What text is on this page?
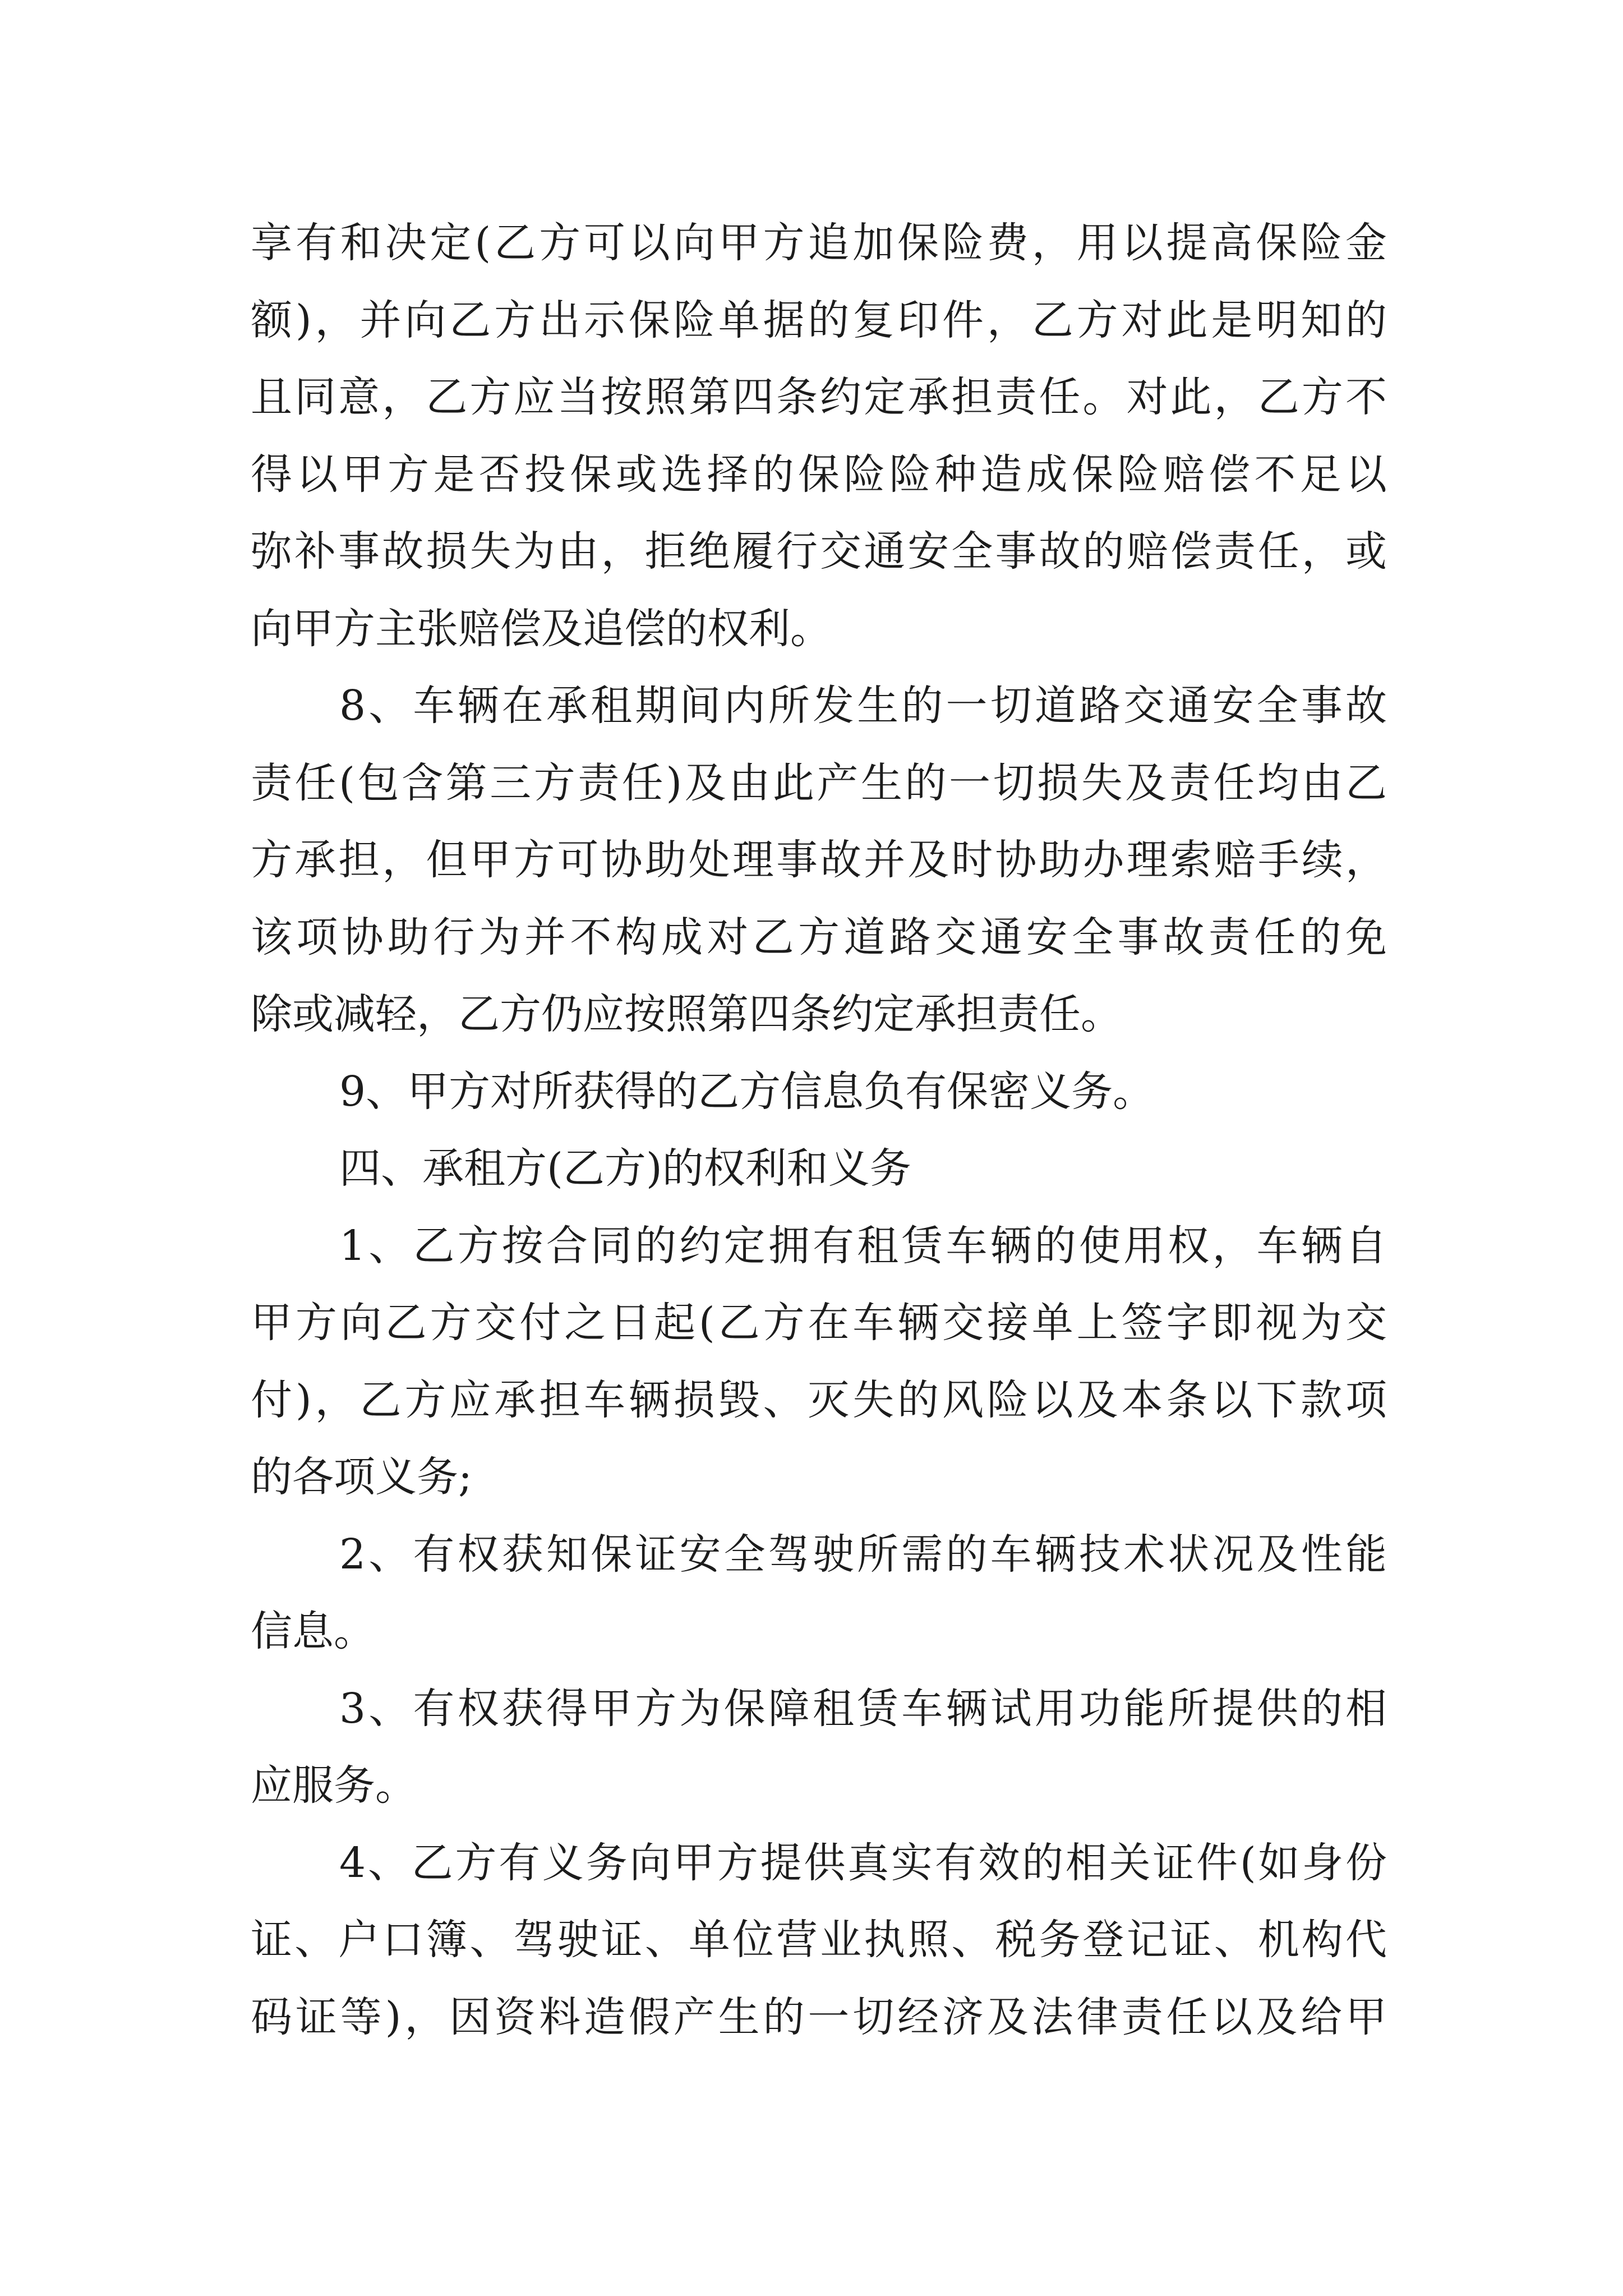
享有和决定(乙方可以向甲方追加保险费，用以提高保险金
额)，并向乙方出示保险单据的复印件，乙方对此是明知的
且同意，乙方应当按照第四条约定承担责任。对此，乙方不
得以甲方是否投保或选择的保险险种造成保险赔偿不足以
弥补事故损失为由，拒绝履行交通安全事故的赔偿责任，或
向甲方主张赔偿及追偿的权利。
8、车辆在承租期间内所发生的一切道路交通安全事故
责任(包含第三方责任)及由此产生的一切损失及责任均由乙
方承担，但甲方可协助处理事故并及时协助办理索赔手续，
该项协助行为并不构成对乙方道路交通安全事故责任的免
除或减轻，乙方仍应按照第四条约定承担责任。
9、甲方对所获得的乙方信息负有保密义务。
四、承租方(乙方)的权利和义务
1、乙方按合同的约定拥有租赁车辆的使用权，车辆自
甲方向乙方交付之日起(乙方在车辆交接单上签字即视为交
付)，乙方应承担车辆损毁、灭失的风险以及本条以下款项
的各项义务;
2、有权获知保证安全驾驶所需的车辆技术状况及性能
信息。
3、有权获得甲方为保障租赁车辆试用功能所提供的相
应服务。
4、乙方有义务向甲方提供真实有效的相关证件(如身份
证、户口簿、驾驶证、单位营业执照、税务登记证、机构代
码证等)，因资料造假产生的一切经济及法律责任以及给甲
